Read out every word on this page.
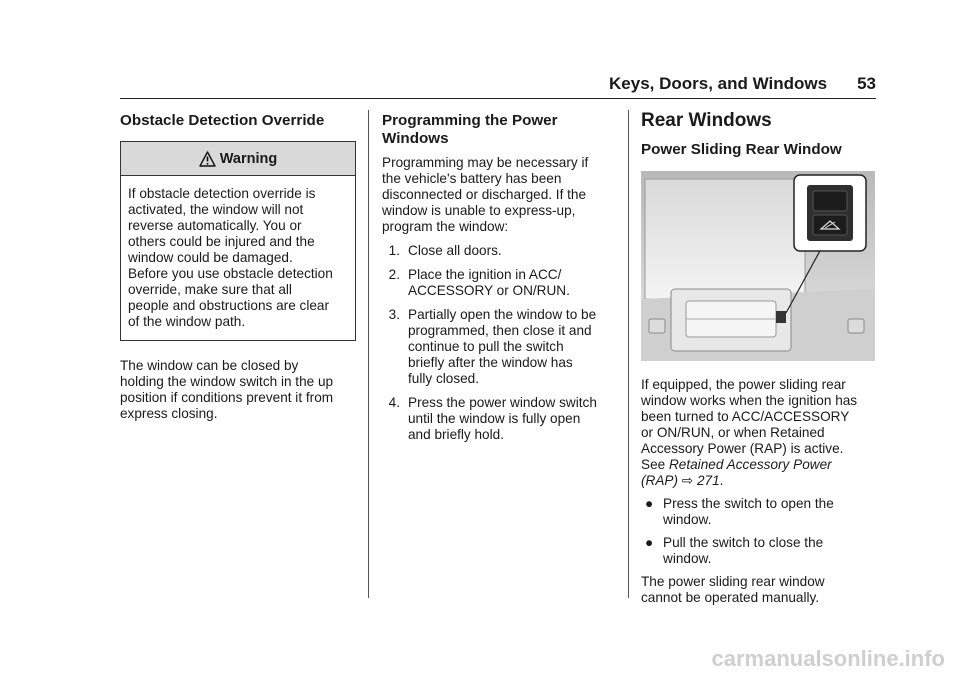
Keys, Doors, and Windows 53
Obstacle Detection Override
Warning
If obstacle detection override is
activated, the window will not
reverse automatically. You or
others could be injured and the
window could be damaged.
Before you use obstacle detection
override, make sure that all
people and obstructions are clear
of the window path.

The window can be closed by
holding the window switch in the up
position if conditions prevent it from
express closing.

Programming the Power
Windows

Programming may be necessary if
the vehicle's battery has been
disconnected or discharged. If the
window is unable to express-up,
program the window:

1. Close all doors.
2. Place the ignition in ACC/
ACCESSORY or ON/RUN.
3. Partially open the window to be
programmed, then close it and
continue to pull the switch
briefly after the window has
fully closed.
4. Press the power window switch
until the window is fully open
and briefly hold.
Rear Windows
Power Sliding Rear Window

If equipped, the power sliding rear
window works when the ignition has
been turned to ACC/ACCESSORY
or ON/RUN, or when Retained
Accessory Power (RAP) is active.
See Retained Accessory Power
(RAP) ⇨ 271.

● Press the switch to open the
window.
● Pull the switch to close the
window.

The power sliding rear window
cannot be operated manually.

carmanualsonline.info
